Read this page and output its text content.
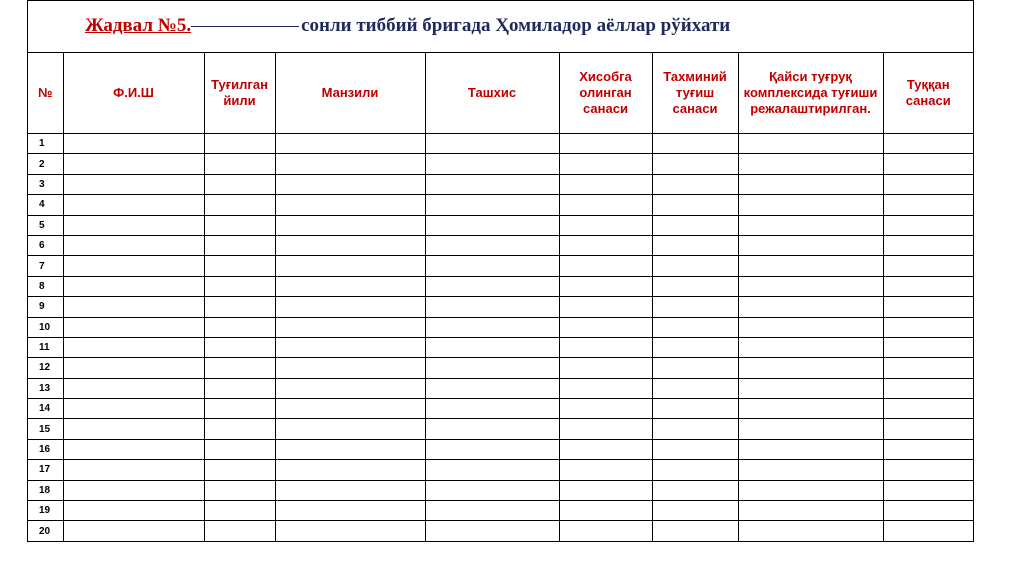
Жадвал №5.	сонли тиббий бригада Ҳомиладор аёллар рўйхати
№	Ф.И.Ш	Туғилган йили	Манзили	Ташхис	Хисобга олинган санаси	Тахминий туғиш санаси	Қайси туғруқ комплексида туғиши режалаштирилган.	Туққан санаси
1								
2								
3								
4								
5								
6								
7								
8								
9								
10								
11								
12								
13								
14								
15								
16								
17								
18								
19								
20								
